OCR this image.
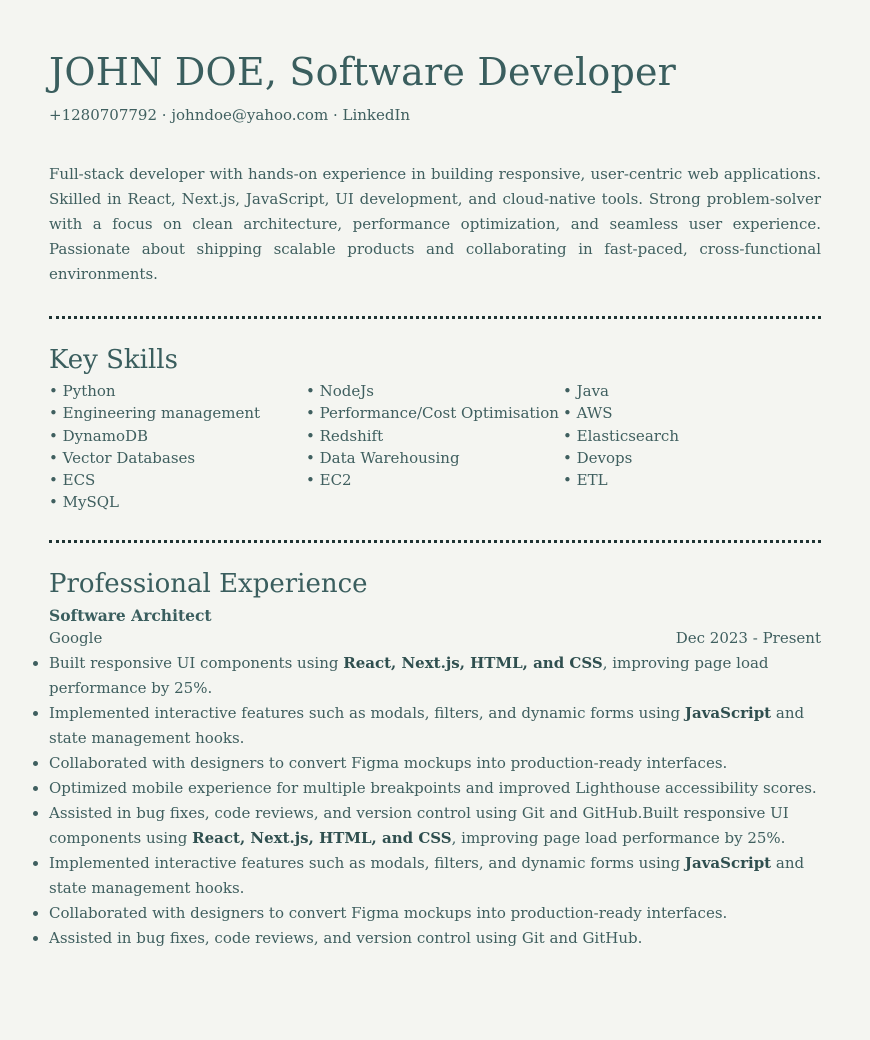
JOHN DOE, Software Developer
+1280707792 · johndoe@yahoo.com · LinkedIn
Full-stack developer with hands-on experience in building responsive, user-centric web applications. Skilled in React, Next.js, JavaScript, UI development, and cloud-native tools. Strong problem-solver with a focus on clean architecture, performance optimization, and seamless user experience. Passionate about shipping scalable products and collaborating in fast-paced, cross-functional environments.
Key Skills
• Python	• NodeJs	• Java
• Engineering management	• Performance/Cost Optimisation	• AWS
• DynamoDB	• Redshift	• Elasticsearch
• Vector Databases	• Data Warehousing	• Devops
• ECS	• EC2	• ETL
• MySQL
Professional Experience
Software Architect
Google	Dec 2023 - Present
Built responsive UI components using React, Next.js, HTML, and CSS, improving page load performance by 25%.
Implemented interactive features such as modals, filters, and dynamic forms using JavaScript and state management hooks.
Collaborated with designers to convert Figma mockups into production-ready interfaces.
Optimized mobile experience for multiple breakpoints and improved Lighthouse accessibility scores.
Assisted in bug fixes, code reviews, and version control using Git and GitHub.Built responsive UI components using React, Next.js, HTML, and CSS, improving page load performance by 25%.
Implemented interactive features such as modals, filters, and dynamic forms using JavaScript and state management hooks.
Collaborated with designers to convert Figma mockups into production-ready interfaces.
Assisted in bug fixes, code reviews, and version control using Git and GitHub.
